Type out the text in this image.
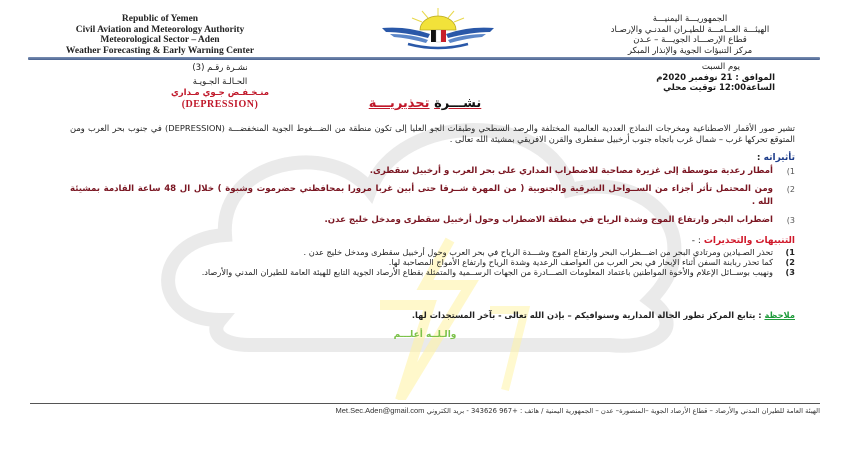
Republic of Yemen
Civil Aviation and Meteorology Authority
Meteorological Sector – Aden
Weather Forecasting & Early Warning Center
الجمهوريـــة اليمنيـــة
الهيئـــة العــامـــة للطيـران المدنـي والإرصـاد
قطاع الإرصـــاد الجويـــة – عـدن
مركز التنبؤات الجوية والإنذار المبكر
نشـرة رقـم (3)
الحـالـة الجـويـة
منـخـفـض جـوي مـداري
(DEPRESSION)
يوم السبت
الموافق : 21 نوفمبر 2020م
الساعة12:00 توقيت محلي
نشـــرة تحذيريـــة
تشير صور الأقمار الاصطناعية ومخرجات النماذج العددية العالمية المختلفة والرصد السطحي وطبقات الجو العليا إلى تكون منطقة من الضـــغوط الجوية المنخفضـــة (DEPRESSION) في جنوب بحر العرب ومن المتوقع تحركها غرب – شمال غرب باتجاه جنوب أرخبيل سقطرى والقرن الافريقي بمشيئة الله تعالى .
تأثيراته :
1)
أمطار رعدية متوسطة إلى غزيرة مصاحبة للاضطراب المداري على بحر العرب و أرخبيل سقطرى.
2)
ومن المحتمل تأثر أجزاء من الســواحل الشرقية والجنوبية ( من المهرة شــرقا حتى أبين غربا مرورا بمحافظتي حضرموت وشبوة ) خلال ال 48 ساعة القادمة بمشيئة الله .
3)
اضطراب البحر وارتفاع الموج وشدة الرياح في منطقة الاضطراب وحول أرخبيل سقطرى ومدخل خليج عدن.
التنبيهات والتحذيرات : -
1)
تحذر الصـيادين ومرتادي البحر من اضـــطراب البحر وارتفاع الموج وشـــدة الرياح في بحر العرب وحول أرخبيل سقطرى ومدخل خليج عدن .
2)
كما تحذر ربابنة السفن أثناء الإبحار في بحر العرب من العواصف الرعدية وشدة الرياح وارتفاع الأمواج المصاحبة لها.
3)
ونهيب بوســائل الإعلام والأخوة المواطنين باعتماد المعلومات الصـــادرة من الجهات الرســمية والمتمثلة بقطاع الأرصاد الجوية التابع للهيئة العامة للطيران المدني والأرصاد.
ملاحظة : يتابع المركز تطور الحالة المدارية وسنوافيكم – بإذن الله تعالى - بآخر المستجدات لها.
والـلــه أعلـــم
الهيئة العامة للطيران المدني والأرصاد – قطاع الأرصاد الجوية –المنصورة– عدن – الجمهورية اليمنية / هاتف : +967 343626 - بريد الكتروني Met.Sec.Aden@gmail.com
